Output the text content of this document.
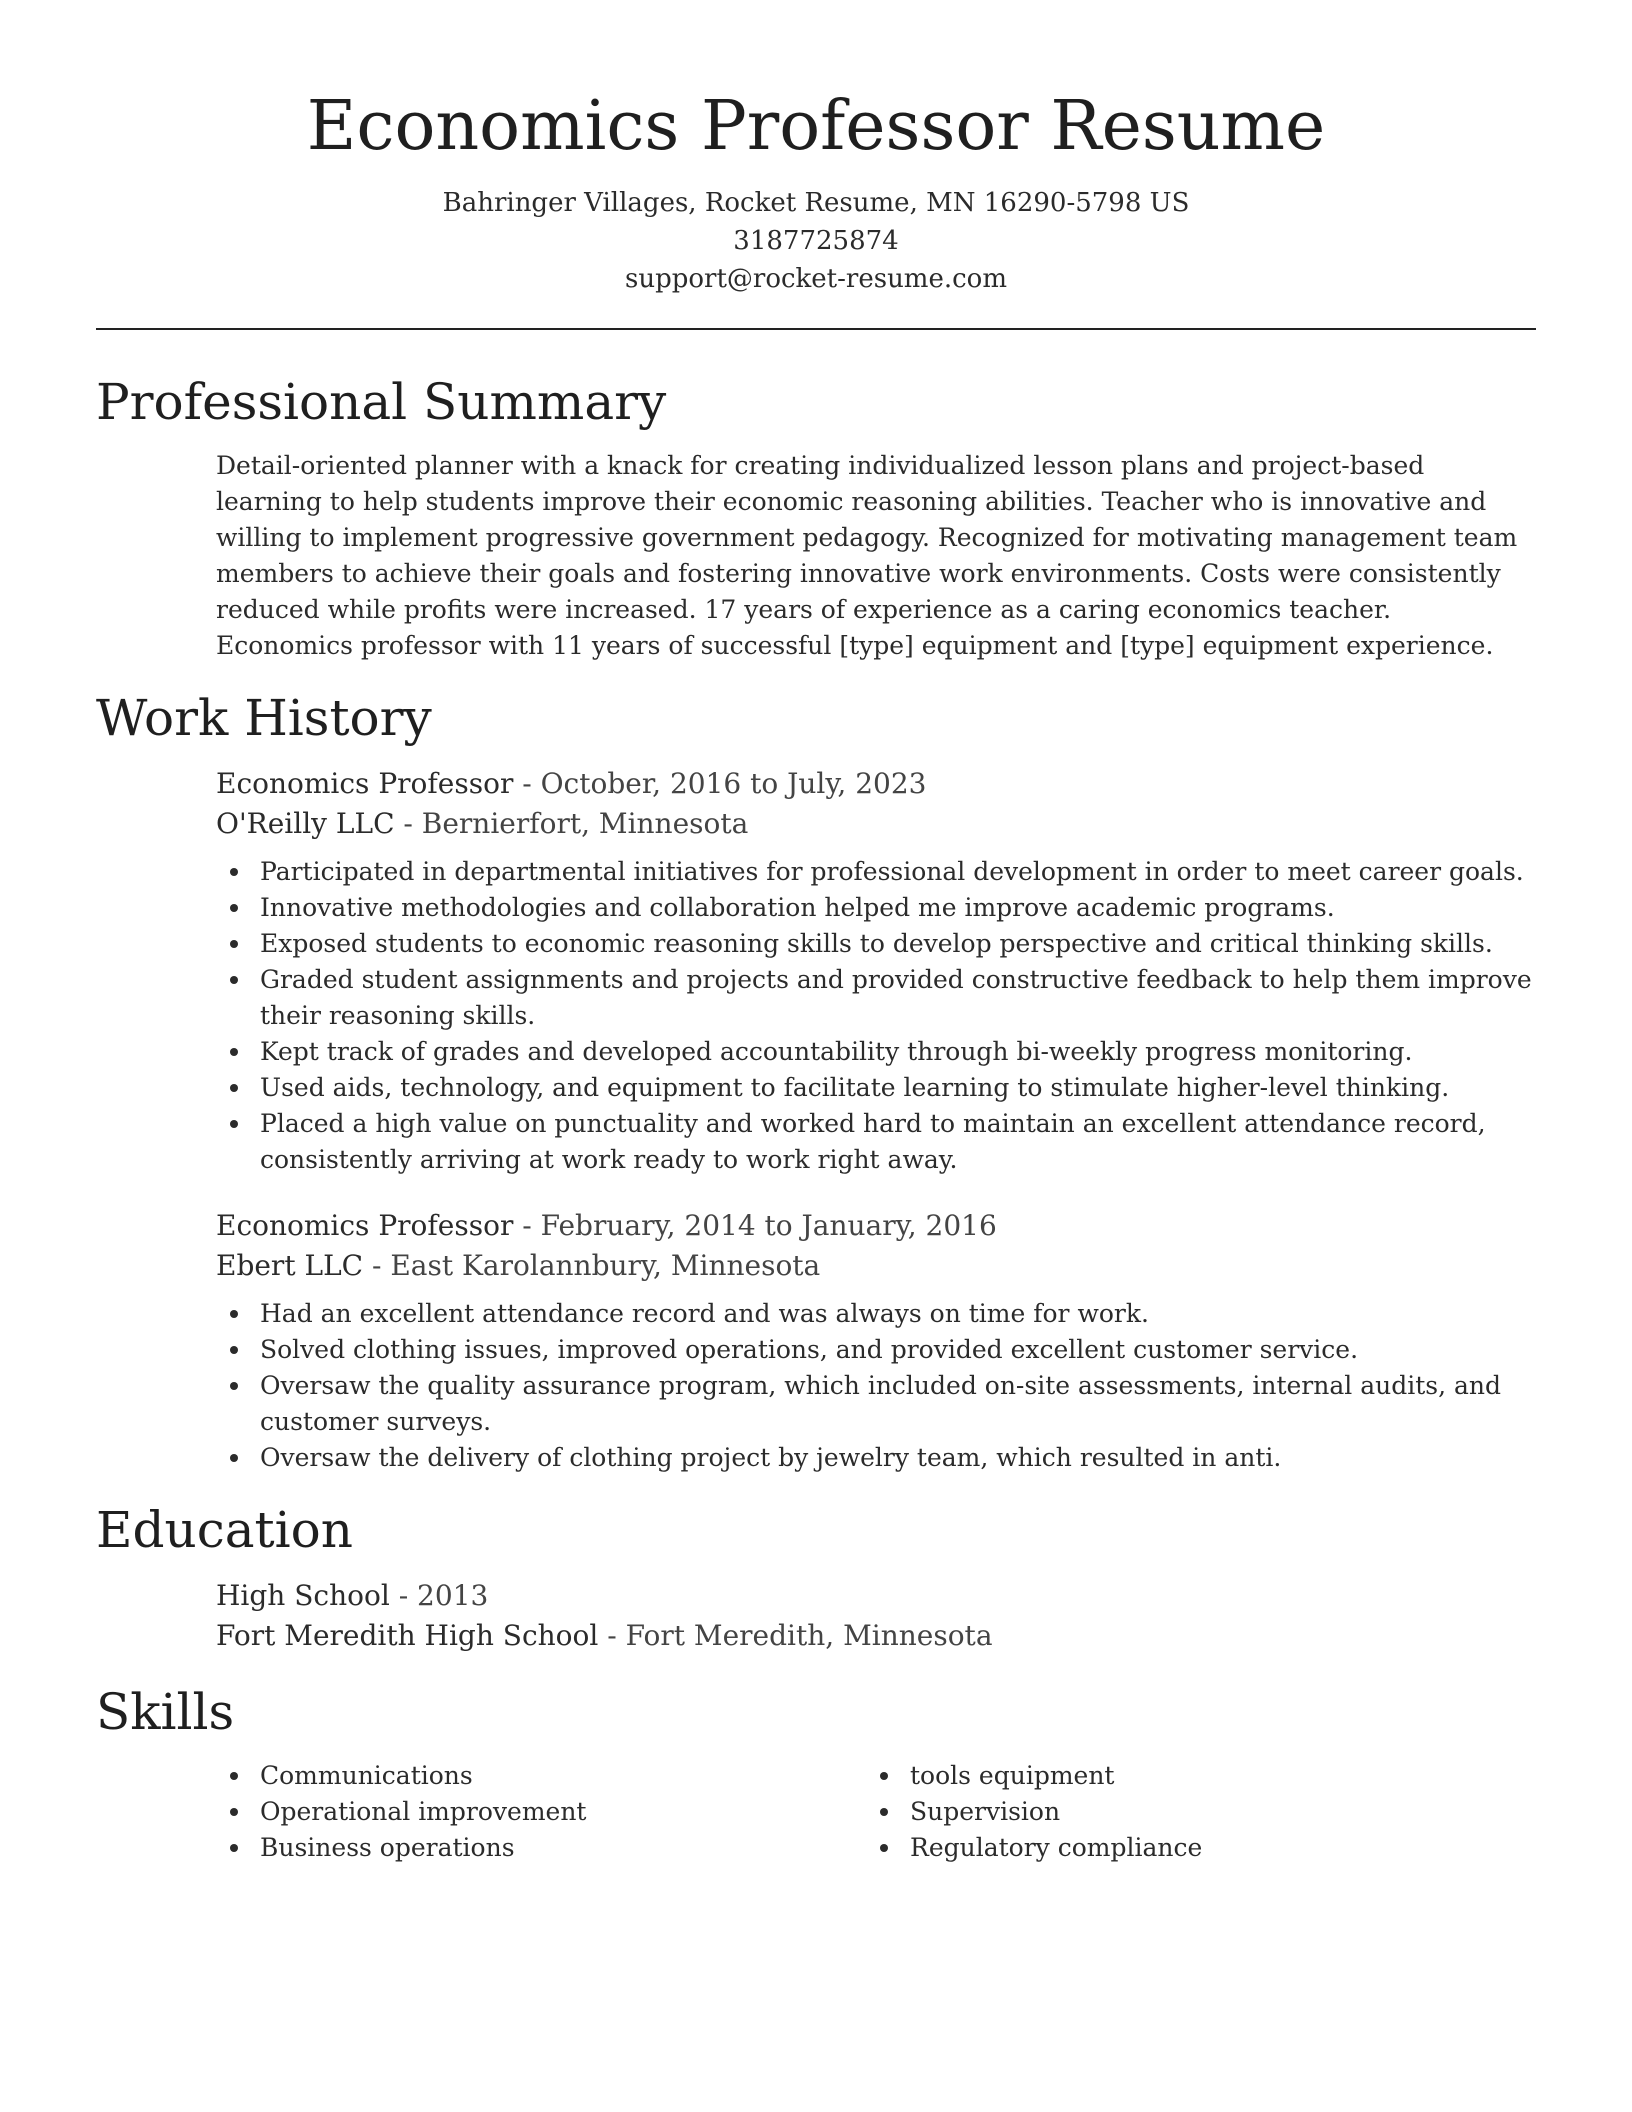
Economics Professor Resume
Bahringer Villages, Rocket Resume, MN 16290-5798 US
3187725874
support@rocket-resume.com
Professional Summary
Detail-oriented planner with a knack for creating individualized lesson plans and project-based learning to help students improve their economic reasoning abilities. Teacher who is innovative and willing to implement progressive government pedagogy. Recognized for motivating management team members to achieve their goals and fostering innovative work environments. Costs were consistently reduced while profits were increased. 17 years of experience as a caring economics teacher. Economics professor with 11 years of successful [type] equipment and [type] equipment experience.
Work History
Economics Professor - October, 2016 to July, 2023
O'Reilly LLC - Bernierfort, Minnesota
Participated in departmental initiatives for professional development in order to meet career goals.
Innovative methodologies and collaboration helped me improve academic programs.
Exposed students to economic reasoning skills to develop perspective and critical thinking skills.
Graded student assignments and projects and provided constructive feedback to help them improve their reasoning skills.
Kept track of grades and developed accountability through bi-weekly progress monitoring.
Used aids, technology, and equipment to facilitate learning to stimulate higher-level thinking.
Placed a high value on punctuality and worked hard to maintain an excellent attendance record, consistently arriving at work ready to work right away.
Economics Professor - February, 2014 to January, 2016
Ebert LLC - East Karolannbury, Minnesota
Had an excellent attendance record and was always on time for work.
Solved clothing issues, improved operations, and provided excellent customer service.
Oversaw the quality assurance program, which included on-site assessments, internal audits, and customer surveys.
Oversaw the delivery of clothing project by jewelry team, which resulted in anti.
Education
High School - 2013
Fort Meredith High School - Fort Meredith, Minnesota
Skills
Communications
Operational improvement
Business operations
tools equipment
Supervision
Regulatory compliance
